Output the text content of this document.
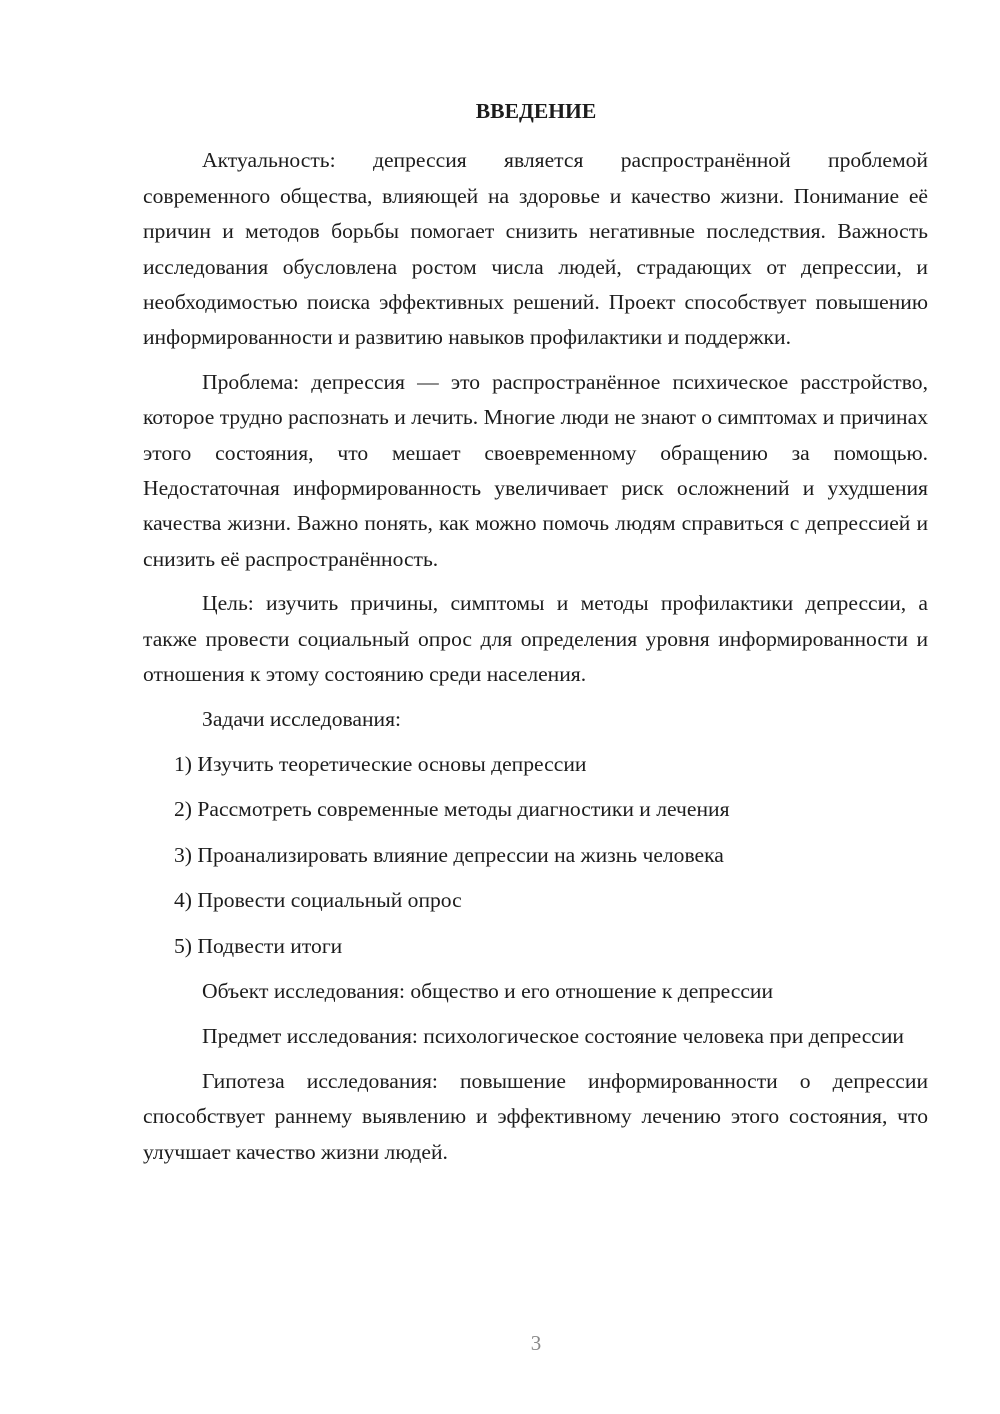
ВВЕДЕНИЕ

Актуальность: депрессия является распространённой проблемой современного общества, влияющей на здоровье и качество жизни. Понимание её причин и методов борьбы помогает снизить негативные последствия. Важность исследования обусловлена ростом числа людей, страдающих от депрессии, и необходимостью поиска эффективных решений. Проект способствует повышению информированности и развитию навыков профилактики и поддержки.

Проблема: депрессия — это распространённое психическое расстройство, которое трудно распознать и лечить. Многие люди не знают о симптомах и причинах этого состояния, что мешает своевременному обращению за помощью. Недостаточная информированность увеличивает риск осложнений и ухудшения качества жизни. Важно понять, как можно помочь людям справиться с депрессией и снизить её распространённость.

Цель: изучить причины, симптомы и методы профилактики депрессии, а также провести социальный опрос для определения уровня информированности и отношения к этому состоянию среди населения.

Задачи исследования:

1) Изучить теоретические основы депрессии
2) Рассмотреть современные методы диагностики и лечения
3) Проанализировать влияние депрессии на жизнь человека
4) Провести социальный опрос
5) Подвести итоги

Объект исследования: общество и его отношение к депрессии

Предмет исследования: психологическое состояние человека при депрессии

Гипотеза исследования: повышение информированности о депрессии способствует раннему выявлению и эффективному лечению этого состояния, что улучшает качество жизни людей.

3
